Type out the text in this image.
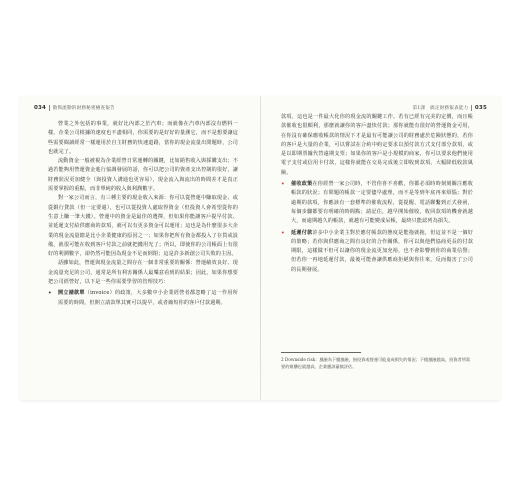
034 散佈流動的財務秘密檢查報告

營業之外包括的事業，就好比內部之於汽車；而就像在汽車內部沒有燃料一樣，企業公司根據的速度也不盡相同，你需要的是好好的量測它，而不是想要讓這些需要閱讀經常一樣運用於自主財務的快速道路，當你的現金流量出問題時，公司也就完了。

流動資金一般被視為企業經營日常運轉的關鍵，比如銷售收入與採購支出；不過若能夠用營運資金進行協調發展的話，你可以把公司的資產支出控制的很好，讓財務狀況更加健全（與投資人溝通也更容易），現金流入與流出的時間差才是真正需要掌握的重點，而非單純的收入與利潤數字。

對一家公司而言，有三種主要的現金收入來源：你可以從營運中賺取現金、或從銀行貸款（但一定要還），也可以從投資人處取得資金（但投資人會希望從你的生意上賺一筆大錢）。營運中的資金是最佳的選擇，但如果你能讓客戶提早付款、並延遲支付給供應商的款項，就可以有更多資金可以運用；這也是為什麼很多大企業的現金流量總是比小企業健康的原因之一；如果你把所有資金都投入了存貨或設備，就很可能在收到客戶付款之前就把錢用光了；所以，即使你的公司帳面上有很好的利潤數字，卻仍然可能因為現金不足而倒閉；這是許多新創公司失敗的主因。

話雖如此，營運與現金流量之間存在一個非常重要的關係：營運績效良好、現金流量充足的公司，通常是所有利害關係人最樂意看到的結果；因此，如果你想要把公司經營好，以下是一些你需要學習的管理技巧：

•	開立請款單（invoice）的政策，大多數中小企業經營者都忽略了這一作用所需要的時間，但開立請款單其實可以提早，或者縮短你的客戶付款週期。
第1課　搞定財務報表能力 035

款項，這也是一件最大化你的現金流的關鍵工作。若有已經有完美的定價，而且帳款催收也很順利，那麼就讓你的客戶盡快付款；那你就能有很好的營運資金可用，在你沒有確保應收帳款的情況下才是最有可能讓公司的財務處於危險狀態的，若你的客戶是大量的企業，可以嘗試在合約中約定要求以預付款方式支付部分款項，或是以即期票據代替遠期支票；如果你的客戶是小規模的商家，你可以要求他們使用電子支付或信用卡付款，這樣你就能在交易完成後立即收到款項，大幅降低收款風險。

•	催收政策在你經營一家公司時，不管你喜不喜歡，你都必須時時刻刻關注應收帳款的狀況；有問題的帳款一定要儘早處理，而不是等到年底再來煩惱；對於逾期的款項，你應該有一套標準的催收流程，從提醒、電話聯繫到正式發函，每個步驟都要有明確的時間點；請記住，越早開始催收，收回款項的機會就越大，而逾期越久的帳款，就越有可能變成呆帳，最終只能認列為損失。
•	延遲付款許多中小企業主對於應付帳款的態度是能拖就拖，但這並不是一個好的策略；若你與供應商之間有良好的合作關係，你可以與他們協商更長的付款期限，這樣做不但可以讓你的現金流更加充裕，也不會影響到你的商業信譽；但若你一再地延遲付款，最後可能會讓供應商拒絕與你往來，反而傷害了公司的長期發展。
2 Downside risk：風險為下檔風險，指投資或營運可能造成損失的情況；下檔風險越高，投資者所需要的報酬也就越高，企業應該審慎評估。
